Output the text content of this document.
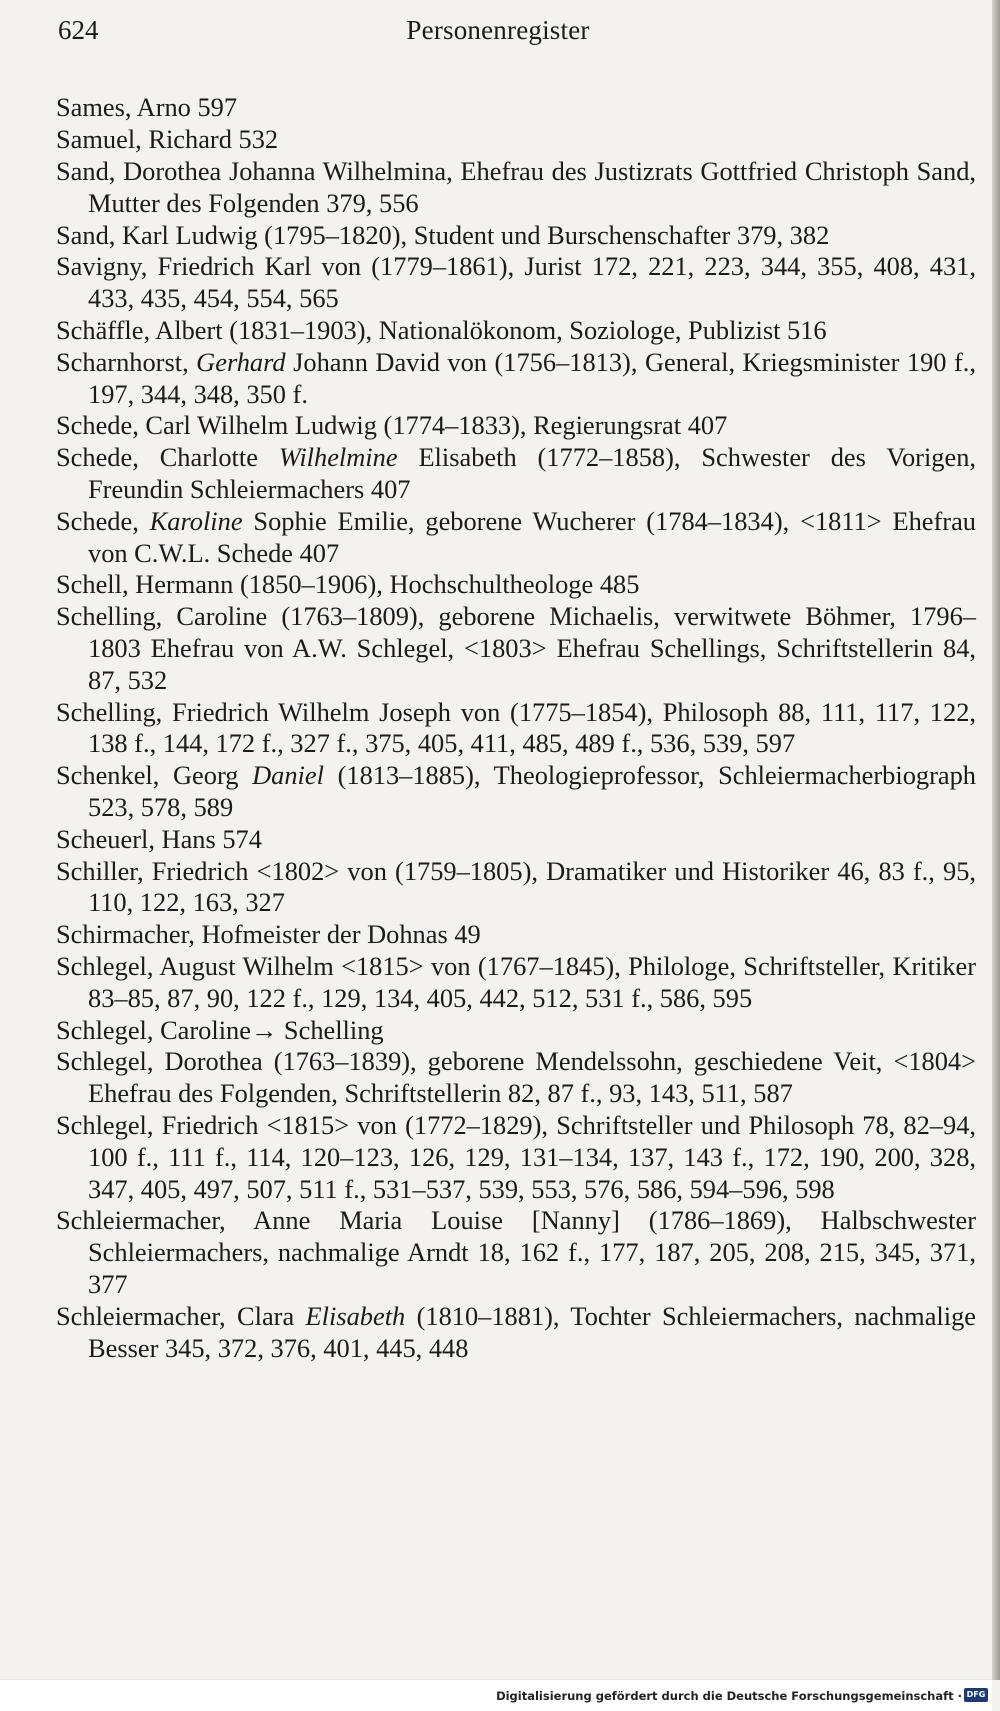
624	Personenregister

Sames, Arno 597

Samuel, Richard 532

Sand, Dorothea Johanna Wilhelmina, Ehefrau des Justizrats Gottfried Christoph Sand, Mutter des Folgenden 379, 556

Sand, Karl Ludwig (1795–1820), Student und Burschenschafter 379, 382

Savigny, Friedrich Karl von (1779–1861), Jurist 172, 221, 223, 344, 355, 408, 431, 433, 435, 454, 554, 565

Schäffle, Albert (1831–1903), Nationalökonom, Soziologe, Publizist 516

Scharnhorst, Gerhard Johann David von (1756–1813), General, Kriegsminister 190 f., 197, 344, 348, 350 f.

Schede, Carl Wilhelm Ludwig (1774–1833), Regierungsrat 407

Schede, Charlotte Wilhelmine Elisabeth (1772–1858), Schwester des Vorigen, Freundin Schleiermachers 407

Schede, Karoline Sophie Emilie, geborene Wucherer (1784–1834), <1811> Ehefrau von C.W.L. Schede 407

Schell, Hermann (1850–1906), Hochschultheologe 485

Schelling, Caroline (1763–1809), geborene Michaelis, verwitwete Böhmer, 1796–1803 Ehefrau von A.W. Schlegel, <1803> Ehefrau Schellings, Schriftstellerin 84, 87, 532

Schelling, Friedrich Wilhelm Joseph von (1775–1854), Philosoph 88, 111, 117, 122, 138 f., 144, 172 f., 327 f., 375, 405, 411, 485, 489 f., 536, 539, 597

Schenkel, Georg Daniel (1813–1885), Theologieprofessor, Schleiermacherbiograph 523, 578, 589

Scheuerl, Hans 574

Schiller, Friedrich <1802> von (1759–1805), Dramatiker und Historiker 46, 83 f., 95, 110, 122, 163, 327

Schirmacher, Hofmeister der Dohnas 49

Schlegel, August Wilhelm <1815> von (1767–1845), Philologe, Schriftsteller, Kritiker 83–85, 87, 90, 122 f., 129, 134, 405, 442, 512, 531 f., 586, 595

Schlegel, Caroline→ Schelling

Schlegel, Dorothea (1763–1839), geborene Mendelssohn, geschiedene Veit, <1804> Ehefrau des Folgenden, Schriftstellerin 82, 87 f., 93, 143, 511, 587

Schlegel, Friedrich <1815> von (1772–1829), Schriftsteller und Philosoph 78, 82–94, 100 f., 111 f., 114, 120–123, 126, 129, 131–134, 137, 143 f., 172, 190, 200, 328, 347, 405, 497, 507, 511 f., 531–537, 539, 553, 576, 586, 594–596, 598

Schleiermacher, Anne Maria Louise [Nanny] (1786–1869), Halbschwester Schleiermachers, nachmalige Arndt 18, 162 f., 177, 187, 205, 208, 215, 345, 371, 377

Schleiermacher, Clara Elisabeth (1810–1881), Tochter Schleiermachers, nachmalige Besser 345, 372, 376, 401, 445, 448

Digitalisierung gefördert durch die Deutsche Forschungsgemeinschaft · DFG
